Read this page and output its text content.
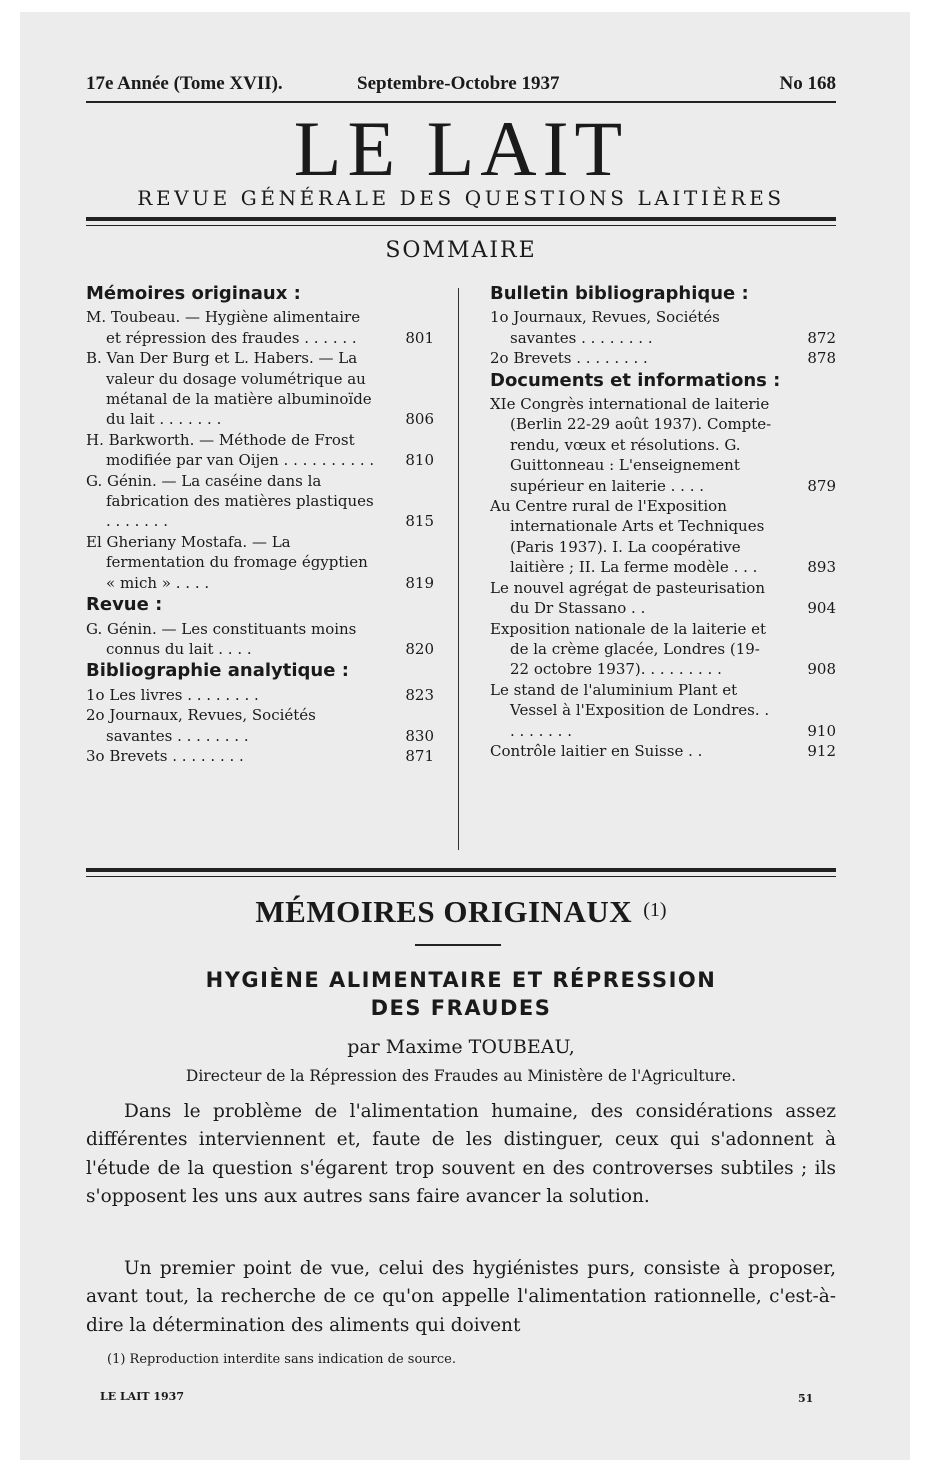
17e Année (Tome XVII).	Septembre-Octobre 1937	No 168
LE LAIT
REVUE GÉNÉRALE DES QUESTIONS LAITIÈRES
SOMMAIRE
Mémoires originaux :
M. Toubeau. — Hygiène alimentaire et répression des fraudes . . . . . .	801
B. Van Der Burg et L. Habers. — La valeur du dosage volumétrique au métanal de la matière albuminoïde du lait . . . . . . .	806
H. Barkworth. — Méthode de Frost modifiée par van Oijen . . . . . . . . . .	810
G. Génin. — La caséine dans la fabrication des matières plastiques . . . . . . .	815
El Gheriany Mostafa. — La fermentation du fromage égyptien « mich » . . . .	819
Revue :
G. Génin. — Les constituants moins connus du lait . . . .	820
Bibliographie analytique :
1o Les livres . . . . . . . .	823
2o Journaux, Revues, Sociétés savantes . . . . . . . .	830
3o Brevets . . . . . . . .	871
Bulletin bibliographique :
1o Journaux, Revues, Sociétés savantes . . . . . . . .	872
2o Brevets . . . . . . . .	878
Documents et informations :
XIe Congrès international de laiterie (Berlin 22-29 août 1937). Compte-rendu, vœux et résolutions. G. Guittonneau : L'enseignement supérieur en laiterie . . . .	879
Au Centre rural de l'Exposition internationale Arts et Techniques (Paris 1937). I. La coopérative laitière ; II. La ferme modèle . . .	893
Le nouvel agrégat de pasteurisation du Dr Stassano . .	904
Exposition nationale de la laiterie et de la crème glacée, Londres (19-22 octobre 1937). . . . . . . . .	908
Le stand de l'aluminium Plant et Vessel à l'Exposition de Londres. . . . . . . . .	910
Contrôle laitier en Suisse . .	912
MÉMOIRES ORIGINAUX (1)
HYGIÈNE ALIMENTAIRE ET RÉPRESSION
DES FRAUDES
par Maxime TOUBEAU,
Directeur de la Répression des Fraudes au Ministère de l'Agriculture.

Dans le problème de l'alimentation humaine, des considérations assez différentes interviennent et, faute de les distinguer, ceux qui s'adonnent à l'étude de la question s'égarent trop souvent en des controverses subtiles ; ils s'opposent les uns aux autres sans faire avancer la solution.

Un premier point de vue, celui des hygiénistes purs, consiste à proposer, avant tout, la recherche de ce qu'on appelle l'alimentation rationnelle, c'est-à-dire la détermination des aliments qui doivent

(1) Reproduction interdite sans indication de source.
LE LAIT 1937	51
